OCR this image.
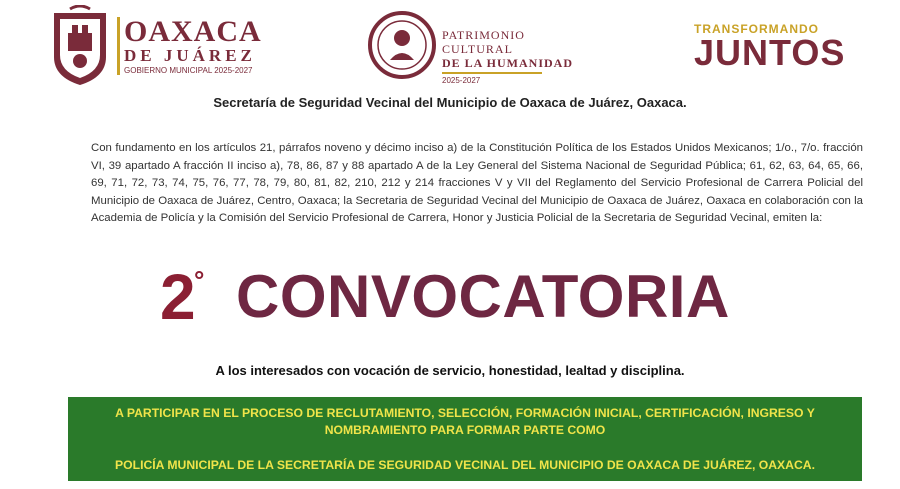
OAXACA
DE JUÁREZ
GOBIERNO MUNICIPAL 2025-2027
PATRIMONIO CULTURAL
DE LA HUMANIDAD
2025-2027
TRANSFORMANDO
JUNTOS
Secretaría de Seguridad Vecinal del Municipio de Oaxaca de Juárez, Oaxaca.
Con fundamento en los artículos 21, párrafos noveno y décimo inciso a) de la Constitución Política de los Estados Unidos Mexicanos; 1/o., 7/o. fracción VI, 39 apartado A fracción II inciso a), 78, 86, 87 y 88 apartado A de la Ley General del Sistema Nacional de Seguridad Pública; 61, 62, 63, 64, 65, 66, 69, 71, 72, 73, 74, 75, 76, 77, 78, 79, 80, 81, 82, 210, 212 y 214 fracciones V y VII del Reglamento del Servicio Profesional de Carrera Policial del Municipio de Oaxaca de Juárez, Centro, Oaxaca; la Secretaria de Seguridad Vecinal del Municipio de Oaxaca de Juárez, Oaxaca en colaboración con la Academia de Policía y la Comisión del Servicio Profesional de Carrera, Honor y Justicia Policial de la Secretaria de Seguridad Vecinal, emiten la:
2
° CONVOCATORIA
A los interesados con vocación de servicio, honestidad, lealtad y disciplina.
A PARTICIPAR EN EL PROCESO DE RECLUTAMIENTO, SELECCIÓN, FORMACIÓN INICIAL, CERTIFICACIÓN, INGRESO Y NOMBRAMIENTO PARA FORMAR PARTE COMO
POLICÍA MUNICIPAL DE LA SECRETARÍA DE SEGURIDAD VECINAL DEL MUNICIPIO DE OAXACA DE JUÁREZ, OAXACA.
